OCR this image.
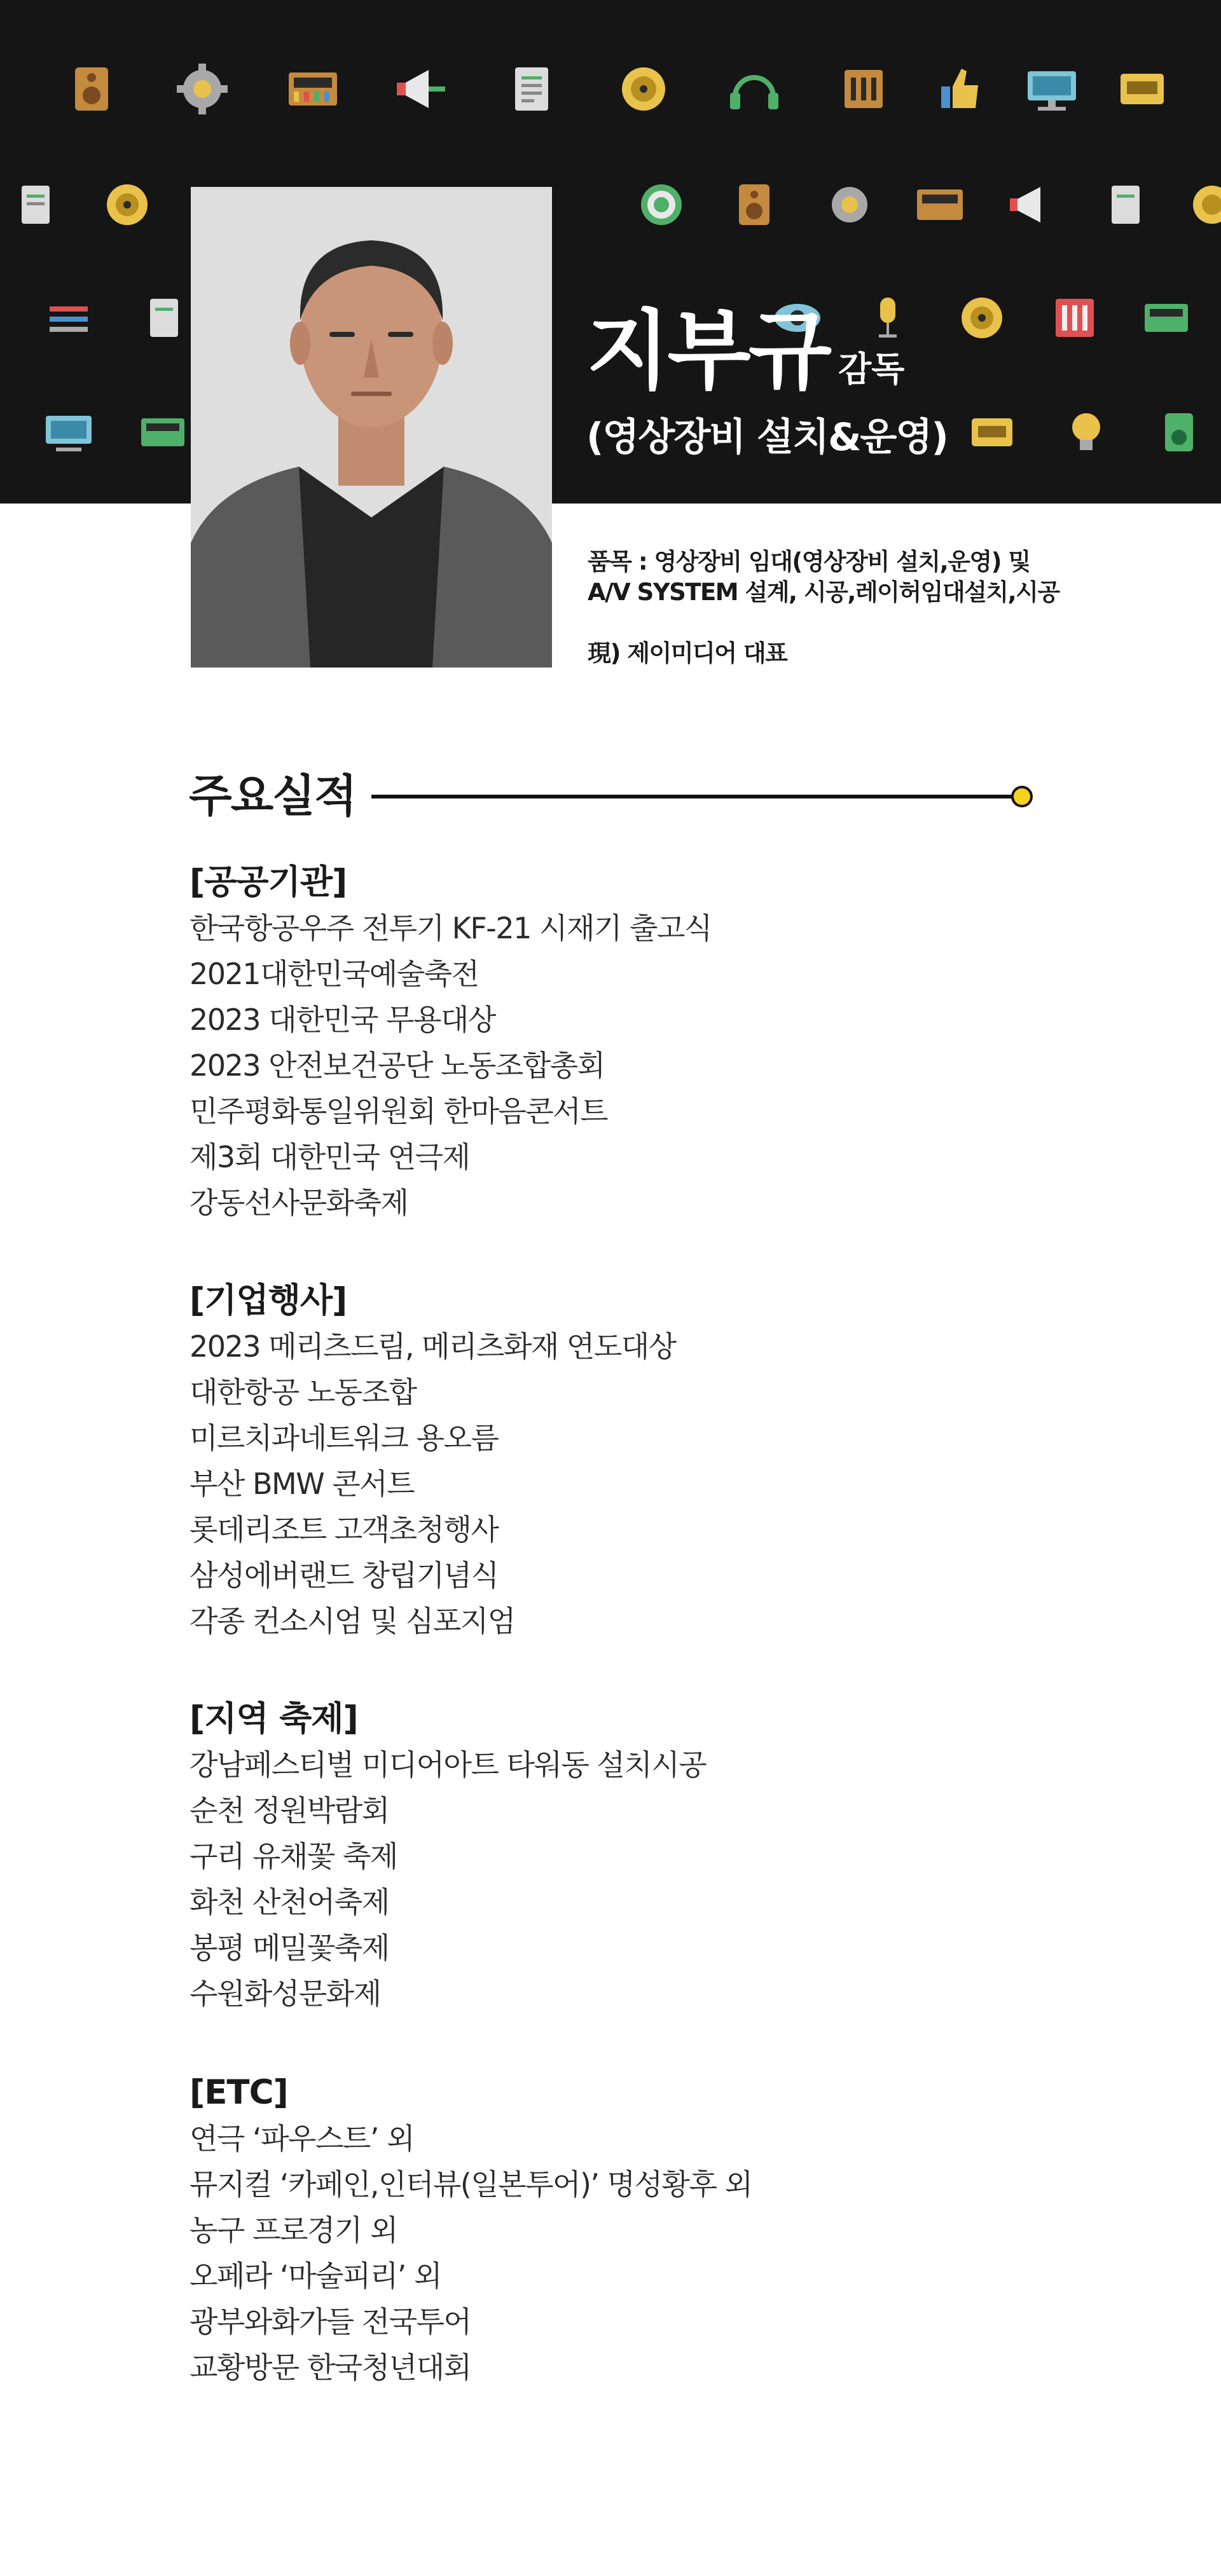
지부규 감독
(영상장비 설치&운영)

품목 : 영상장비 임대(영상장비 설치,운영) 및

A/V SYSTEM 설계, 시공,레이허임대설치,시공

現) 제이미디어 대표

주요실적
[공공기관]
한국항공우주 전투기 KF-21 시재기 출고식
2021대한민국예술축전
2023 대한민국 무용대상
2023 안전보건공단 노동조합총회
민주평화통일위원회 한마음콘서트
제3회 대한민국 연극제
강동선사문화축제
[기업행사]
2023 메리츠드림, 메리츠화재 연도대상
대한항공 노동조합
미르치과네트워크 용오름
부산 BMW 콘서트
롯데리조트 고객초청행사
삼성에버랜드 창립기념식
각종 컨소시엄 및 심포지엄
[지역 축제]
강남페스티벌 미디어아트 타워동 설치시공
순천 정원박람회
구리 유채꽃 축제
화천 산천어축제
봉평 메밀꽃축제
수원화성문화제
[ETC]
연극 ‘파우스트’ 외
뮤지컬 ‘카페인,인터뷰(일본투어)’ 명성황후 외
농구 프로경기 외
오페라 ‘마술피리’ 외
광부와화가들 전국투어
교황방문 한국청년대회
